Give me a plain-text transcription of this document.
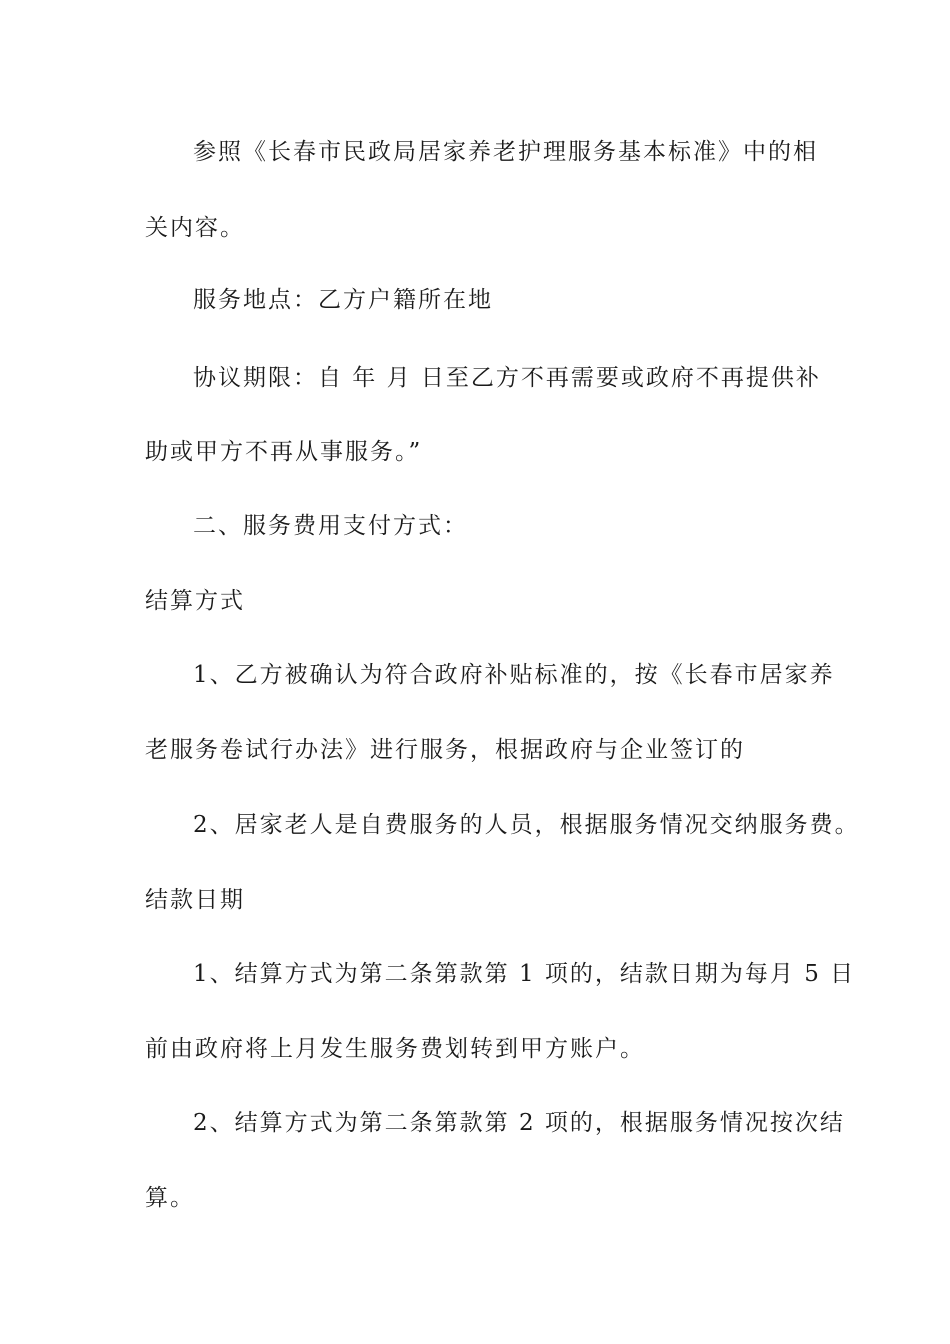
参照《长春市民政局居家养老护理服务基本标准》中的相
关内容。
服务地点：乙方户籍所在地
协议期限：自 年 月 日至乙方不再需要或政府不再提供补
助或甲方不再从事服务。”
二、服务费用支付方式：
结算方式
1、乙方被确认为符合政府补贴标准的，按《长春市居家养
老服务卷试行办法》进行服务，根据政府与企业签订的
2、居家老人是自费服务的人员，根据服务情况交纳服务费。
结款日期
1、结算方式为第二条第款第 1 项的，结款日期为每月 5 日
前由政府将上月发生服务费划转到甲方账户。
2、结算方式为第二条第款第 2 项的，根据服务情况按次结
算。
